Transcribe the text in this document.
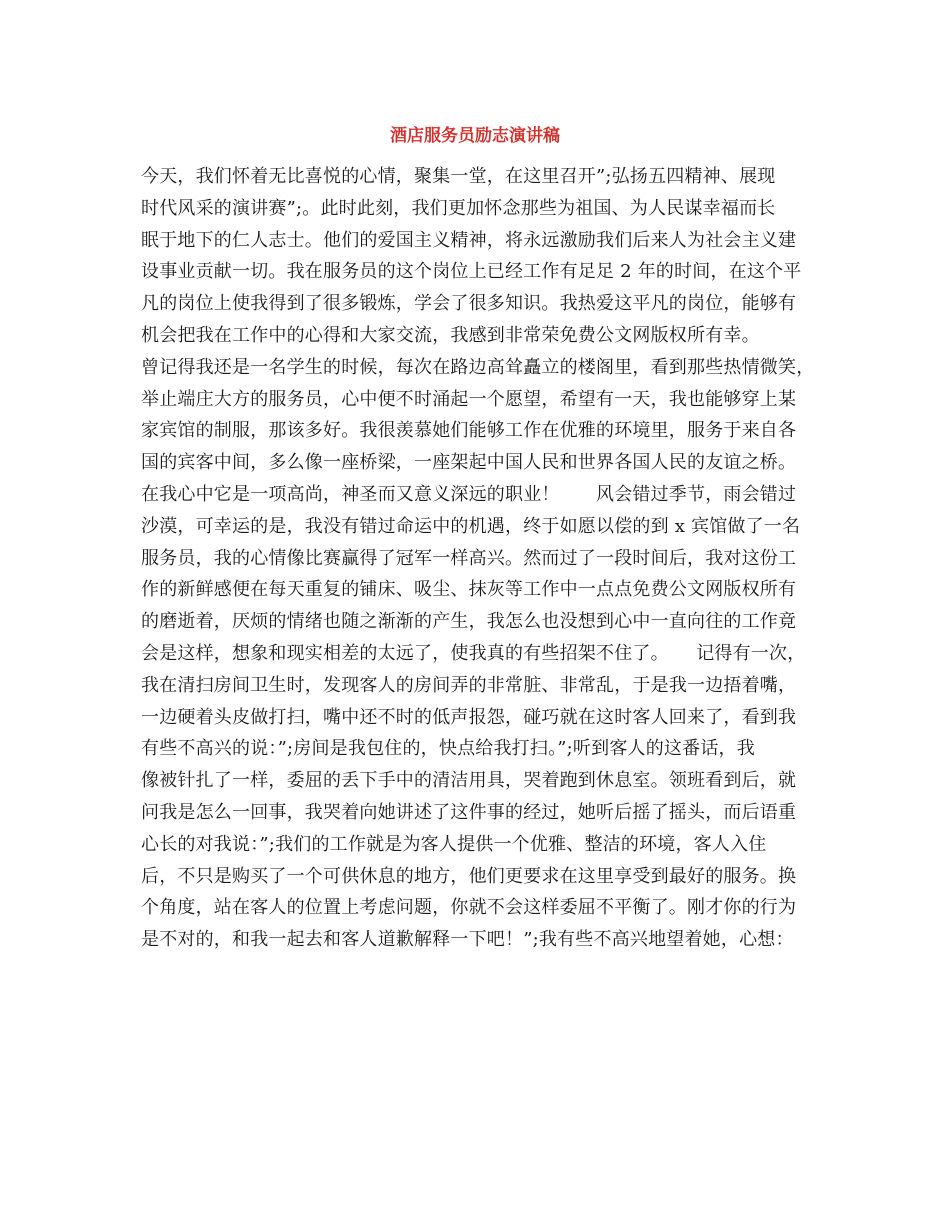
酒店服务员励志演讲稿
今天，我们怀着无比喜悦的心情，聚集一堂，在这里召开”;弘扬五四精神、展现
时代风采的演讲赛”;。此时此刻，我们更加怀念那些为祖国、为人民谋幸福而长
眠于地下的仁人志士。他们的爱国主义精神，将永远激励我们后来人为社会主义建
设事业贡献一切。我在服务员的这个岗位上已经工作有足足 2 年的时间，在这个平
凡的岗位上使我得到了很多锻炼，学会了很多知识。我热爱这平凡的岗位，能够有
机会把我在工作中的心得和大家交流，我感到非常荣免费公文网版权所有幸。
曾记得我还是一名学生的时候，每次在路边高耸矗立的楼阁里，看到那些热情微笑，
举止端庄大方的服务员，心中便不时涌起一个愿望，希望有一天，我也能够穿上某
家宾馆的制服，那该多好。我很羡慕她们能够工作在优雅的环境里，服务于来自各
国的宾客中间，多么像一座桥梁，一座架起中国人民和世界各国人民的友谊之桥。
在我心中它是一项高尚，神圣而又意义深远的职业！　　风会错过季节，雨会错过
沙漠，可幸运的是，我没有错过命运中的机遇，终于如愿以偿的到 x 宾馆做了一名
服务员，我的心情像比赛赢得了冠军一样高兴。然而过了一段时间后，我对这份工
作的新鲜感便在每天重复的铺床、吸尘、抹灰等工作中一点点免费公文网版权所有
的磨逝着，厌烦的情绪也随之渐渐的产生，我怎么也没想到心中一直向往的工作竟
会是这样，想象和现实相差的太远了，使我真的有些招架不住了。　　记得有一次，
我在清扫房间卫生时，发现客人的房间弄的非常脏、非常乱，于是我一边捂着嘴，
一边硬着头皮做打扫，嘴中还不时的低声报怨，碰巧就在这时客人回来了，看到我
有些不高兴的说：”;房间是我包住的，快点给我打扫。”;听到客人的这番话，我
像被针扎了一样，委屈的丢下手中的清洁用具，哭着跑到休息室。领班看到后，就
问我是怎么一回事，我哭着向她讲述了这件事的经过，她听后摇了摇头，而后语重
心长的对我说：”;我们的工作就是为客人提供一个优雅、整洁的环境，客人入住
后，不只是购买了一个可供休息的地方，他们更要求在这里享受到最好的服务。换
个角度，站在客人的位置上考虑问题，你就不会这样委屈不平衡了。刚才你的行为
是不对的，和我一起去和客人道歉解释一下吧！”;我有些不高兴地望着她，心想：
